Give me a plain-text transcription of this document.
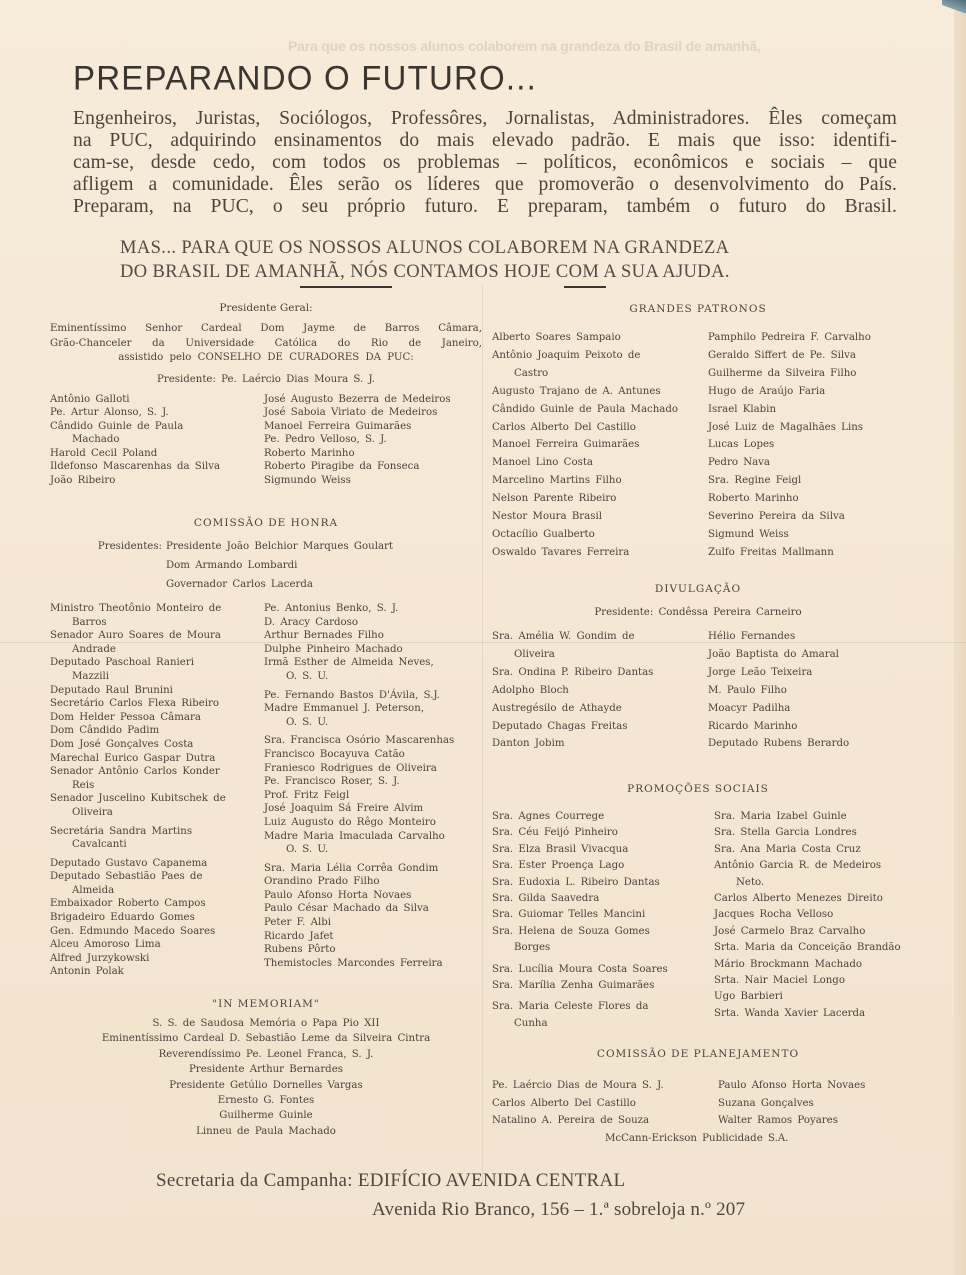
Para que os nossos alunos colaborem na grandeza do Brasil de amanhã,
PREPARANDO O FUTURO...
Engenheiros, Juristas, Sociólogos, Professôres, Jornalistas, Administradores. Êles começam
na PUC, adquirindo ensinamentos do mais elevado padrão. E mais que isso: identifi-
cam-se, desde cedo, com todos os problemas – políticos, econômicos e sociais – que
afligem a comunidade. Êles serão os líderes que promoverão o desenvolvimento do País.
Preparam, na PUC, o seu próprio futuro. E preparam, também o futuro do Brasil.
MAS... PARA QUE OS NOSSOS ALUNOS COLABOREM NA GRANDEZA
DO BRASIL DE AMANHÃ, NÓS CONTAMOS HOJE COM A SUA AJUDA.
Presidente Geral:
Eminentíssimo Senhor Cardeal Dom Jayme de Barros Câmara,
Grão-Chanceler da Universidade Católica do Rio de Janeiro,
assistido pelo CONSELHO DE CURADORES DA PUC:
Presidente: Pe. Laércio Dias Moura S. J.
Antônio Galloti
Pe. Artur Alonso, S. J.
Cândido Guinle de Paula
Machado
Harold Cecil Poland
Ildefonso Mascarenhas da Silva
João Ribeiro
José Augusto Bezerra de Medeiros
José Saboia Viriato de Medeiros
Manoel Ferreira Guimarães
Pe. Pedro Velloso, S. J.
Roberto Marinho
Roberto Piragibe da Fonseca
Sigmundo Weiss
COMISSÃO DE HONRA
Presidentes: Presidente João Belchior Marques Goulart
Dom Armando Lombardi
Governador Carlos Lacerda
Ministro Theotônio Monteiro de
Barros
Senador Auro Soares de Moura
Andrade
Deputado Paschoal Ranieri
Mazzili
Deputado Raul Brunini
Secretário Carlos Flexa Ribeiro
Dom Helder Pessoa Câmara
Dom Cândido Padim
Dom José Gonçalves Costa
Marechal Eurico Gaspar Dutra
Senador Antônio Carlos Konder
Reis
Senador Juscelino Kubitschek de
Oliveira
Secretária Sandra Martins
Cavalcanti
Deputado Gustavo Capanema
Deputado Sebastião Paes de
Almeida
Embaixador Roberto Campos
Brigadeiro Eduardo Gomes
Gen. Edmundo Macedo Soares
Alceu Amoroso Lima
Alfred Jurzykowski
Antonin Polak
Pe. Antonius Benko, S. J.
D. Aracy Cardoso
Arthur Bernades Filho
Dulphe Pinheiro Machado
Irmã Esther de Almeida Neves,
O. S. U.
Pe. Fernando Bastos D'Ávila, S.J.
Madre Emmanuel J. Peterson,
O. S. U.
Sra. Francisca Osório Mascarenhas
Francisco Bocayuva Catão
Franiesco Rodrigues de Oliveira
Pe. Francisco Roser, S. J.
Prof. Fritz Feigl
José Joaquim Sá Freire Alvim
Luiz Augusto do Rêgo Monteiro
Madre Maria Imaculada Carvalho
O. S. U.
Sra. Maria Lélia Corrêa Gondim
Orandino Prado Filho
Paulo Afonso Horta Novaes
Paulo César Machado da Silva
Peter F. Albi
Ricardo Jafet
Rubens Pôrto
Themistocles Marcondes Ferreira
"IN MEMORIAM"
S. S. de Saudosa Memória o Papa Pio XII
Eminentíssimo Cardeal D. Sebastião Leme da Silveira Cintra
Reverendíssimo Pe. Leonel Franca, S. J.
Presidente Arthur Bernardes
Presidente Getúlio Dornelles Vargas
Ernesto G. Fontes
Guilherme Guinle
Linneu de Paula Machado
GRANDES PATRONOS
Alberto Soares Sampaio
Antônio Joaquim Peixoto de
Castro
Augusto Trajano de A. Antunes
Cândido Guinle de Paula Machado
Carlos Alberto Del Castillo
Manoel Ferreira Guimarães
Manoel Lino Costa
Marcelino Martins Filho
Nelson Parente Ribeiro
Nestor Moura Brasil
Octacílio Gualberto
Oswaldo Tavares Ferreira
Pamphilo Pedreira F. Carvalho
Geraldo Siffert de Pe. Silva
Guilherme da Silveira Filho
Hugo de Araújo Faria
Israel Klabin
José Luiz de Magalhães Lins
Lucas Lopes
Pedro Nava
Sra. Regine Feigl
Roberto Marinho
Severino Pereira da Silva
Sigmund Weiss
Zulfo Freitas Mallmann
DIVULGAÇÃO
Presidente: Condêssa Pereira Carneiro
Sra. Amélia W. Gondim de
Oliveira
Sra. Ondina P. Ribeiro Dantas
Adolpho Bloch
Austregésilo de Athayde
Deputado Chagas Freitas
Danton Jobim
Hélio Fernandes
João Baptista do Amaral
Jorge Leão Teixeira
M. Paulo Filho
Moacyr Padilha
Ricardo Marinho
Deputado Rubens Berardo
PROMOÇÕES SOCIAIS
Sra. Agnes Courrege
Sra. Céu Feijó Pinheiro
Sra. Elza Brasil Vivacqua
Sra. Ester Proença Lago
Sra. Eudoxia L. Ribeiro Dantas
Sra. Gilda Saavedra
Sra. Guiomar Telles Mancini
Sra. Helena de Souza Gomes
Borges
Sra. Lucília Moura Costa Soares
Sra. Marília Zenha Guimarães
Sra. Maria Celeste Flores da
Cunha
Sra. Maria Izabel Guinle
Sra. Stella Garcia Londres
Sra. Ana Maria Costa Cruz
Antônio Garcia R. de Medeiros
Neto.
Carlos Alberto Menezes Direito
Jacques Rocha Velloso
José Carmelo Braz Carvalho
Srta. Maria da Conceição Brandão
Mário Brockmann Machado
Srta. Nair Maciel Longo
Ugo Barbieri
Srta. Wanda Xavier Lacerda
COMISSÃO DE PLANEJAMENTO
Pe. Laércio Dias de Moura S. J.
Carlos Alberto Del Castillo
Natalino A. Pereira de Souza
Paulo Afonso Horta Novaes
Suzana Gonçalves
Walter Ramos Poyares
McCann-Erickson Publicidade S.A.
Secretaria da Campanha: EDIFÍCIO AVENIDA CENTRAL
Avenida Rio Branco, 156 – 1.ª sobreloja n.º 207
